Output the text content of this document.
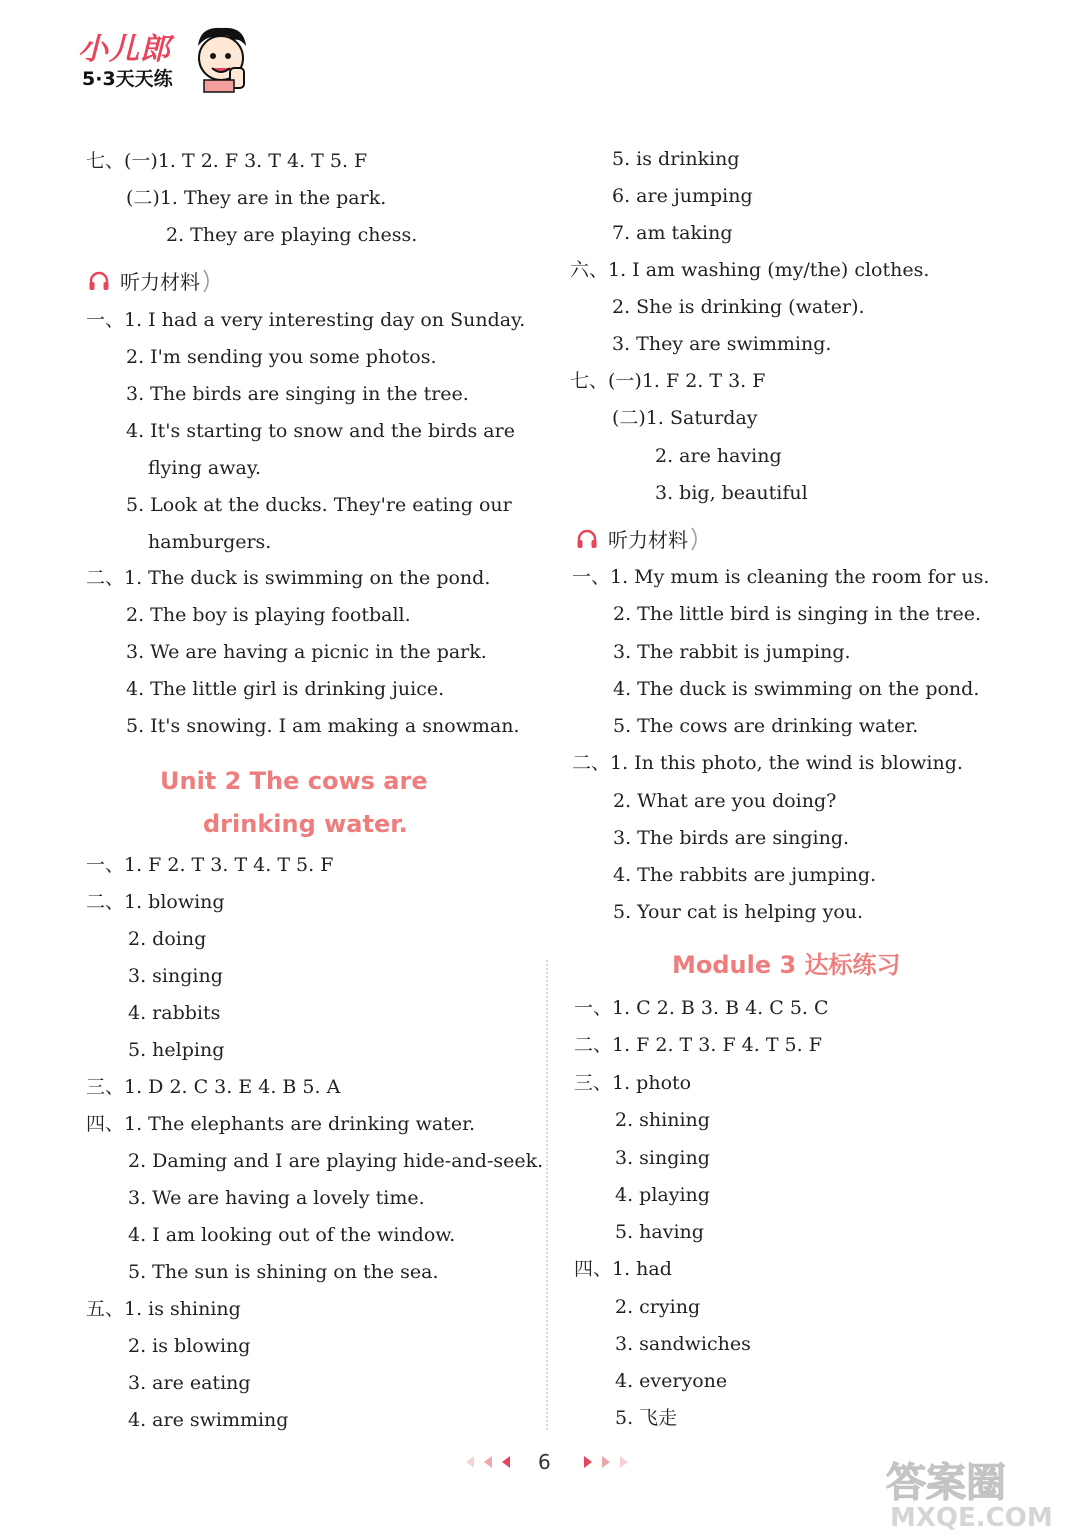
小儿郎
5·3天天练
七、(一)1. T 2. F 3. T 4. T 5. F
(二)1. They are in the park.
2. They are playing chess.
听力材料
一、1. I had a very interesting day on Sunday.
2. I'm sending you some photos.
3. The birds are singing in the tree.
4. It's starting to snow and the birds are
flying away.
5. Look at the ducks. They're eating our
hamburgers.
二、1. The duck is swimming on the pond.
2. The boy is playing football.
3. We are having a picnic in the park.
4. The little girl is drinking juice.
5. It's snowing. I am making a snowman.
Unit 2 The cows are
drinking water.
一、1. F 2. T 3. T 4. T 5. F
二、1. blowing
2. doing
3. singing
4. rabbits
5. helping
三、1. D 2. C 3. E 4. B 5. A
四、1. The elephants are drinking water.
2. Daming and I are playing hide-and-seek.
3. We are having a lovely time.
4. I am looking out of the window.
5. The sun is shining on the sea.
五、1. is shining
2. is blowing
3. are eating
4. are swimming
5. is drinking
6. are jumping
7. am taking
六、1. I am washing (my/the) clothes.
2. She is drinking (water).
3. They are swimming.
七、(一)1. F 2. T 3. F
(二)1. Saturday
2. are having
3. big, beautiful
听力材料
一、1. My mum is cleaning the room for us.
2. The little bird is singing in the tree.
3. The rabbit is jumping.
4. The duck is swimming on the pond.
5. The cows are drinking water.
二、1. In this photo, the wind is blowing.
2. What are you doing?
3. The birds are singing.
4. The rabbits are jumping.
5. Your cat is helping you.
Module 3 达标练习
一、1. C 2. B 3. B 4. C 5. C
二、1. F 2. T 3. F 4. T 5. F
三、1. photo
2. shining
3. singing
4. playing
5. having
四、1. had
2. crying
3. sandwiches
4. everyone
5. 飞走
6	答案圈
MXQE.COM
